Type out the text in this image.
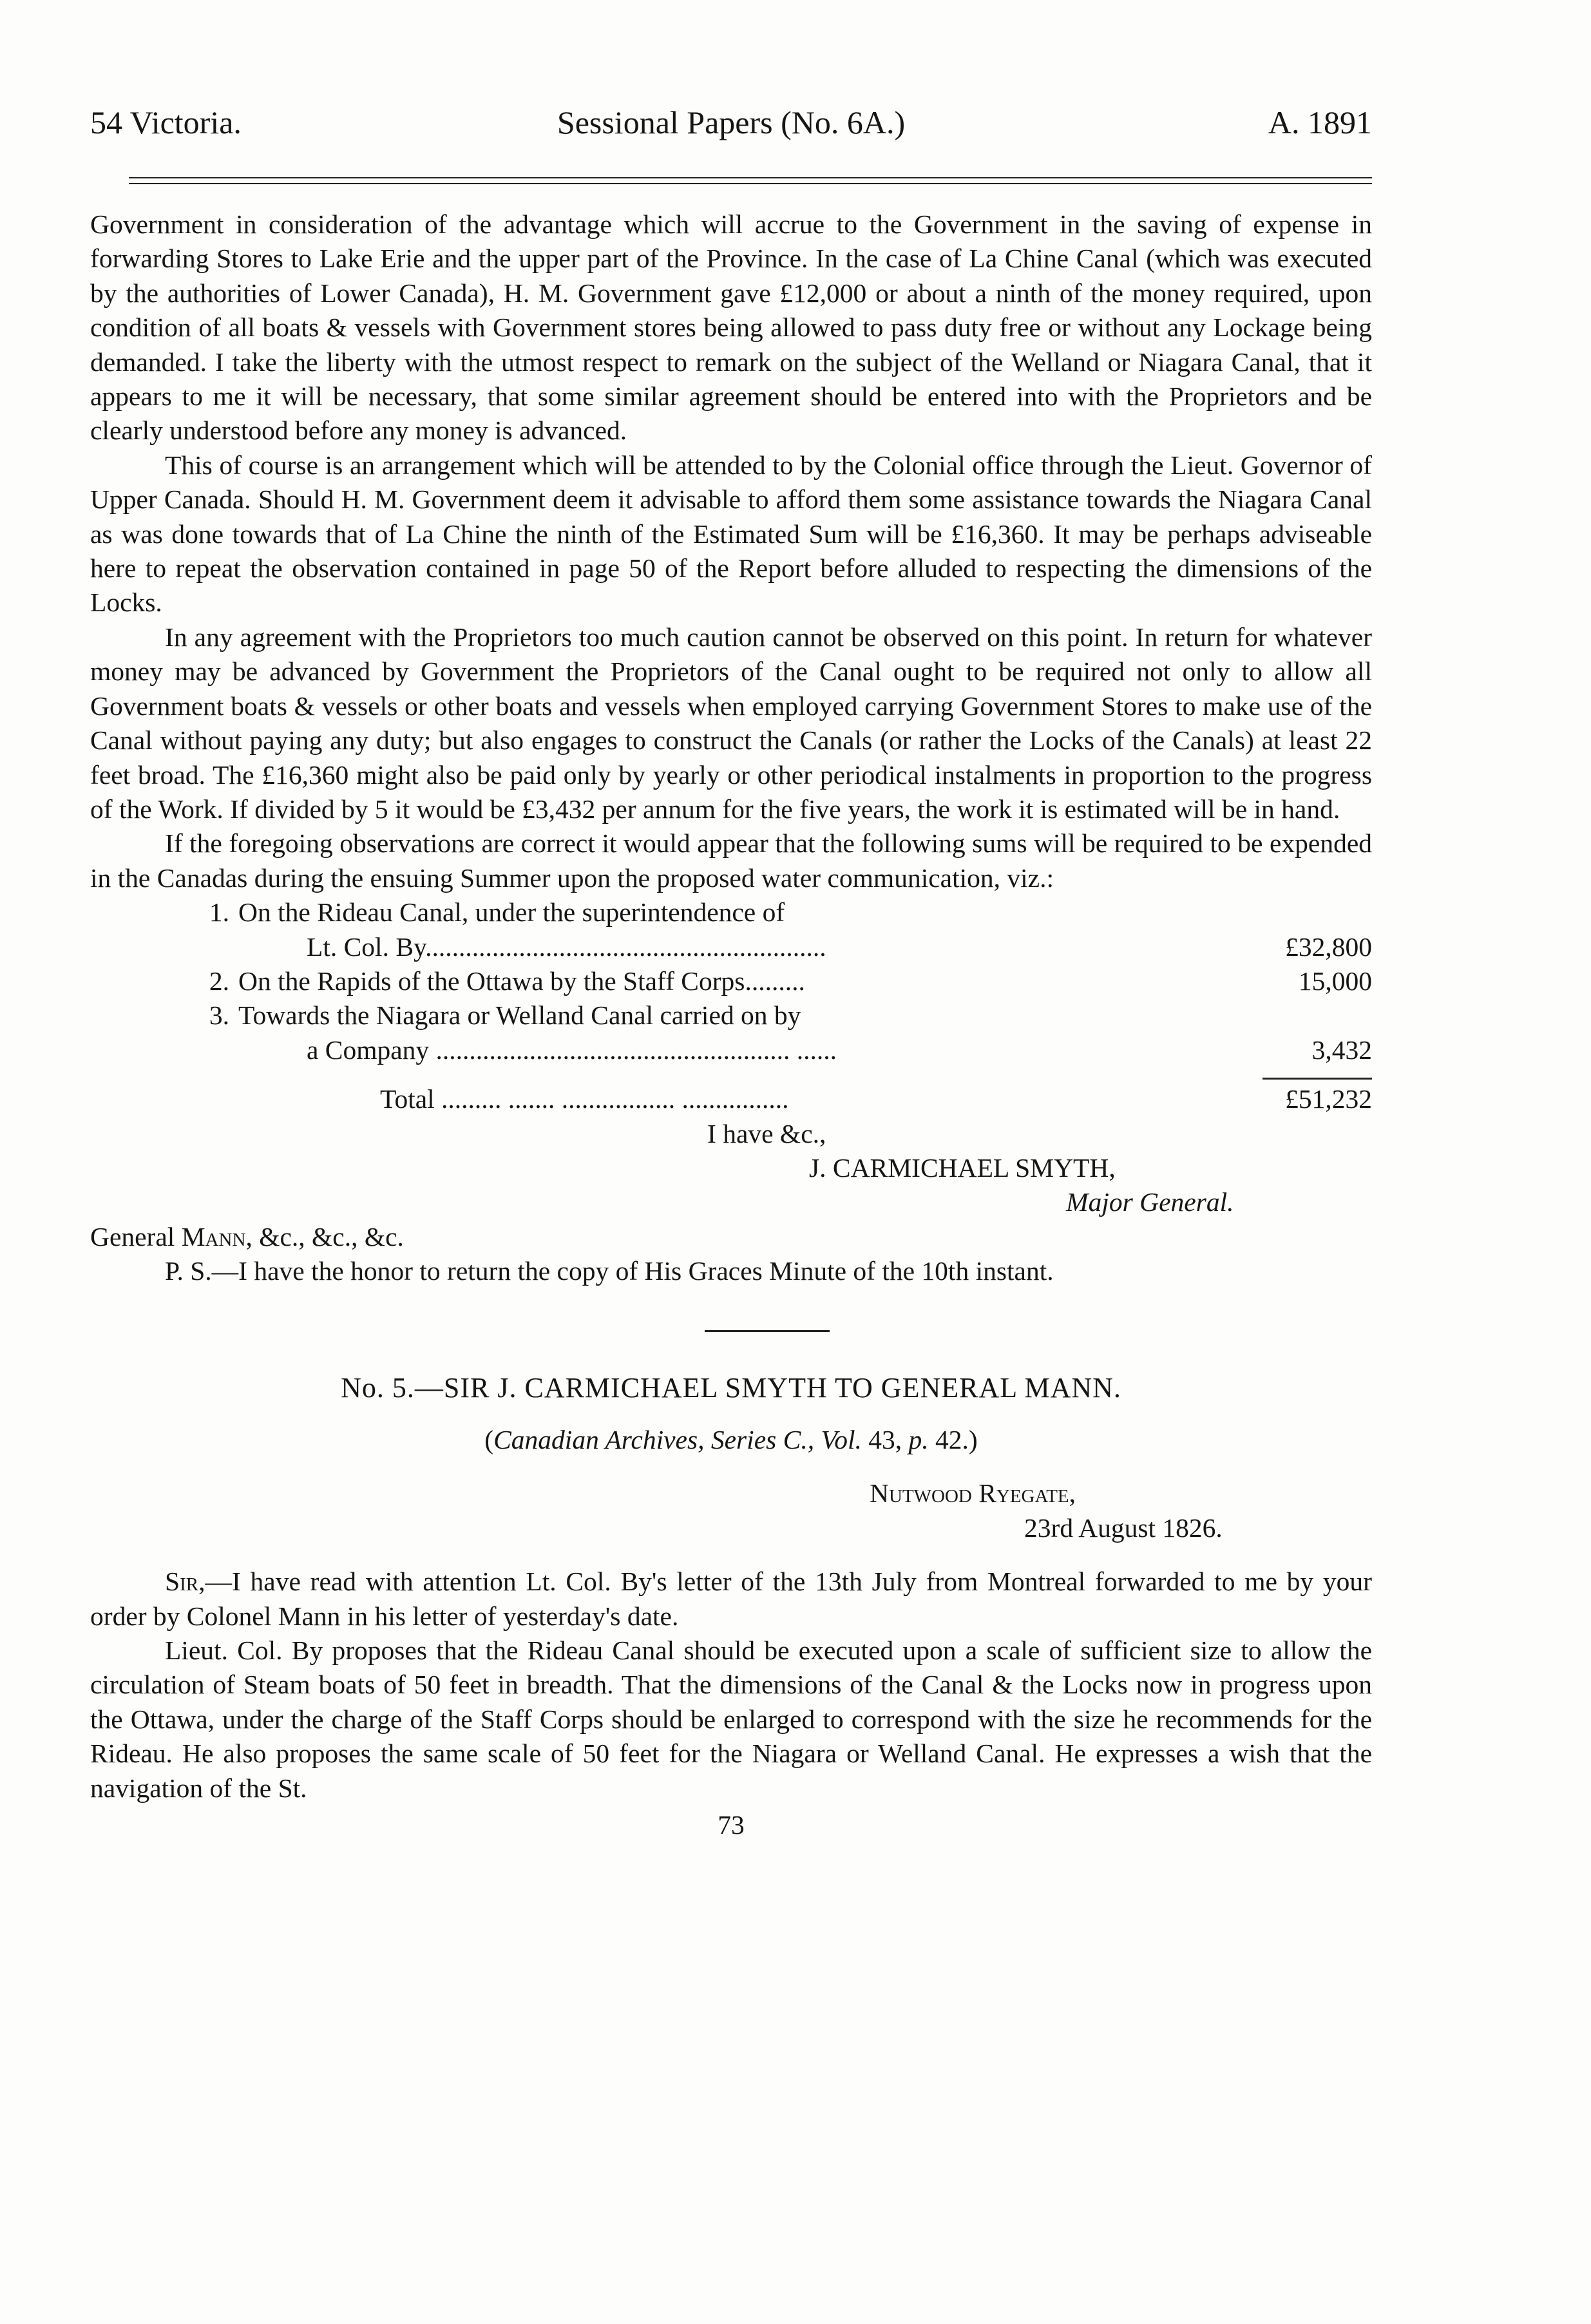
54 Victoria.	Sessional Papers (No. 6A.)	A. 1891

Government in consideration of the advantage which will accrue to the Government in the saving of expense in forwarding Stores to Lake Erie and the upper part of the Province. In the case of La Chine Canal (which was executed by the authorities of Lower Canada), H. M. Government gave £12,000 or about a ninth of the money required, upon condition of all boats & vessels with Government stores being allowed to pass duty free or without any Lockage being demanded. I take the liberty with the utmost respect to remark on the subject of the Welland or Niagara Canal, that it appears to me it will be necessary, that some similar agreement should be entered into with the Proprietors and be clearly understood before any money is advanced.

This of course is an arrangement which will be attended to by the Colonial office through the Lieut. Governor of Upper Canada. Should H. M. Government deem it advisable to afford them some assistance towards the Niagara Canal as was done towards that of La Chine the ninth of the Estimated Sum will be £16,360. It may be perhaps adviseable here to repeat the observation contained in page 50 of the Report before alluded to respecting the dimensions of the Locks.

In any agreement with the Proprietors too much caution cannot be observed on this point. In return for whatever money may be advanced by Government the Proprietors of the Canal ought to be required not only to allow all Government boats & vessels or other boats and vessels when employed carrying Government Stores to make use of the Canal without paying any duty; but also engages to construct the Canals (or rather the Locks of the Canals) at least 22 feet broad. The £16,360 might also be paid only by yearly or other periodical instalments in proportion to the progress of the Work. If divided by 5 it would be £3,432 per annum for the five years, the work it is estimated will be in hand.

If the foregoing observations are correct it would appear that the following sums will be required to be expended in the Canadas during the ensuing Summer upon the proposed water communication, viz.:

1. On the Rideau Canal, under the superintendence of
Lt. Col. By............................................................	£32,800
2. On the Rapids of the Ottawa by the Staff Corps.........	15,000
3. Towards the Niagara or Welland Canal carried on by
a Company ..................................................... ......	3,432
Total ......... ....... ................. ................	£51,232
I have &c.,
J. CARMICHAEL SMYTH,
Major General.

General Mann, &c., &c., &c.

P. S.—I have the honor to return the copy of His Graces Minute of the 10th instant.

No. 5.—SIR J. CARMICHAEL SMYTH TO GENERAL MANN.
(Canadian Archives, Series C., Vol. 43, p. 42.)
Nutwood Ryegate,
23rd August 1826.

Sir,—I have read with attention Lt. Col. By's letter of the 13th July from Montreal forwarded to me by your order by Colonel Mann in his letter of yesterday's date.

Lieut. Col. By proposes that the Rideau Canal should be executed upon a scale of sufficient size to allow the circulation of Steam boats of 50 feet in breadth. That the dimensions of the Canal & the Locks now in progress upon the Ottawa, under the charge of the Staff Corps should be enlarged to correspond with the size he recommends for the Rideau. He also proposes the same scale of 50 feet for the Niagara or Welland Canal. He expresses a wish that the navigation of the St.

73
